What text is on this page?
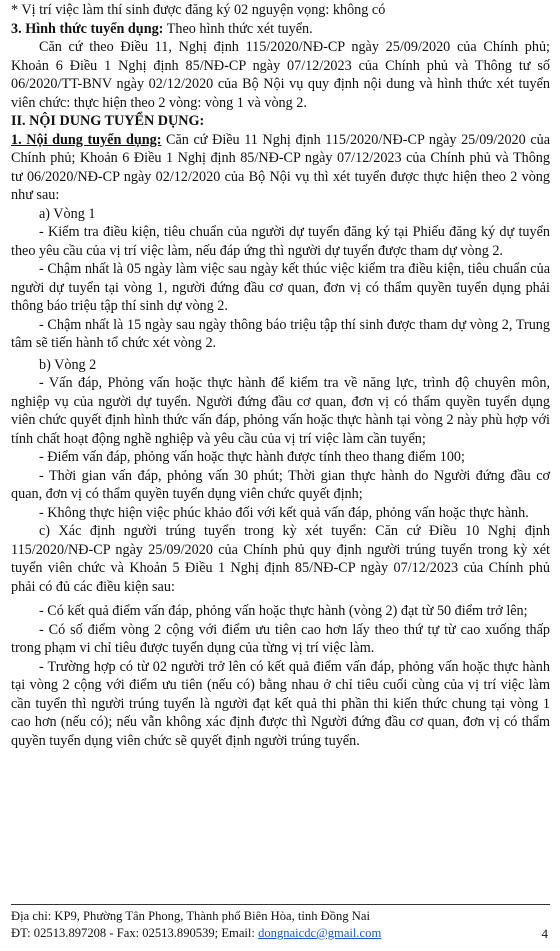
* Vị trí việc làm thí sinh được đăng ký 02 nguyện vọng: không có

3. Hình thức tuyển dụng: Theo hình thức xét tuyển.

Căn cứ theo Điều 11, Nghị định 115/2020/NĐ-CP ngày 25/09/2020 của Chính phủ; Khoản 6 Điều 1 Nghị định 85/NĐ-CP ngày 07/12/2023 của Chính phủ và Thông tư số 06/2020/TT-BNV ngày 02/12/2020 của Bộ Nội vụ quy định nội dung và hình thức xét tuyển viên chức: thực hiện theo 2 vòng: vòng 1 và vòng 2.

II. NỘI DUNG TUYỂN DỤNG:

1. Nội dung tuyển dụng: Căn cứ Điều 11 Nghị định 115/2020/NĐ-CP ngày 25/09/2020 của Chính phủ; Khoản 6 Điều 1 Nghị định 85/NĐ-CP ngày 07/12/2023 của Chính phủ và Thông tư 06/2020/NĐ-CP ngày 02/12/2020 của Bộ Nội vụ thì xét tuyển được thực hiện theo 2 vòng như sau:

a) Vòng 1

- Kiểm tra điều kiện, tiêu chuẩn của người dự tuyển đăng ký tại Phiếu đăng ký dự tuyển theo yêu cầu của vị trí việc làm, nếu đáp ứng thì người dự tuyển được tham dự vòng 2.

- Chậm nhất là 05 ngày làm việc sau ngày kết thúc việc kiểm tra điều kiện, tiêu chuẩn của người dự tuyển tại vòng 1, người đứng đầu cơ quan, đơn vị có thẩm quyền tuyển dụng phải thông báo triệu tập thí sinh dự vòng 2.

- Chậm nhất là 15 ngày sau ngày thông báo triệu tập thí sinh được tham dự vòng 2, Trung tâm sẽ tiến hành tổ chức xét vòng 2.

b) Vòng 2

- Vấn đáp, Phỏng vấn hoặc thực hành để kiểm tra về năng lực, trình độ chuyên môn, nghiệp vụ của người dự tuyển. Người đứng đầu cơ quan, đơn vị có thẩm quyền tuyển dụng viên chức quyết định hình thức vấn đáp, phỏng vấn hoặc thực hành tại vòng 2 này phù hợp với tính chất hoạt động nghề nghiệp và yêu cầu của vị trí việc làm cần tuyển;

- Điểm vấn đáp, phỏng vấn hoặc thực hành được tính theo thang điểm 100;

- Thời gian vấn đáp, phỏng vấn 30 phút; Thời gian thực hành do Người đứng đầu cơ quan, đơn vị có thẩm quyền tuyển dụng viên chức quyết định;

- Không thực hiện việc phúc khảo đối với kết quả vấn đáp, phỏng vấn hoặc thực hành.

c) Xác định người trúng tuyển trong kỳ xét tuyển: Căn cứ Điều 10 Nghị định 115/2020/NĐ-CP ngày 25/09/2020 của Chính phủ quy định người trúng tuyển trong kỳ xét tuyển viên chức và Khoản 5 Điều 1 Nghị định 85/NĐ-CP ngày 07/12/2023 của Chính phủ phải có đủ các điều kiện sau:

- Có kết quả điểm vấn đáp, phỏng vấn hoặc thực hành (vòng 2) đạt từ 50 điểm trở lên;

- Có số điểm vòng 2 cộng với điểm ưu tiên cao hơn lấy theo thứ tự từ cao xuống thấp trong phạm vi chỉ tiêu được tuyển dụng của từng vị trí việc làm.

- Trường hợp có từ 02 người trở lên có kết quả điểm vấn đáp, phỏng vấn hoặc thực hành tại vòng 2 cộng với điểm ưu tiên (nếu có) bằng nhau ở chỉ tiêu cuối cùng của vị trí việc làm cần tuyển thì người trúng tuyển là người đạt kết quả thi phần thi kiến thức chung tại vòng 1 cao hơn (nếu có); nếu vẫn không xác định được thì Người đứng đầu cơ quan, đơn vị có thẩm quyền tuyển dụng viên chức sẽ quyết định người trúng tuyển.

Địa chỉ: KP9, Phường Tân Phong, Thành phố Biên Hòa, tỉnh Đồng Nai
ĐT: 02513.897208 - Fax: 02513.890539; Email: dongnaicdc@gmail.com	4
